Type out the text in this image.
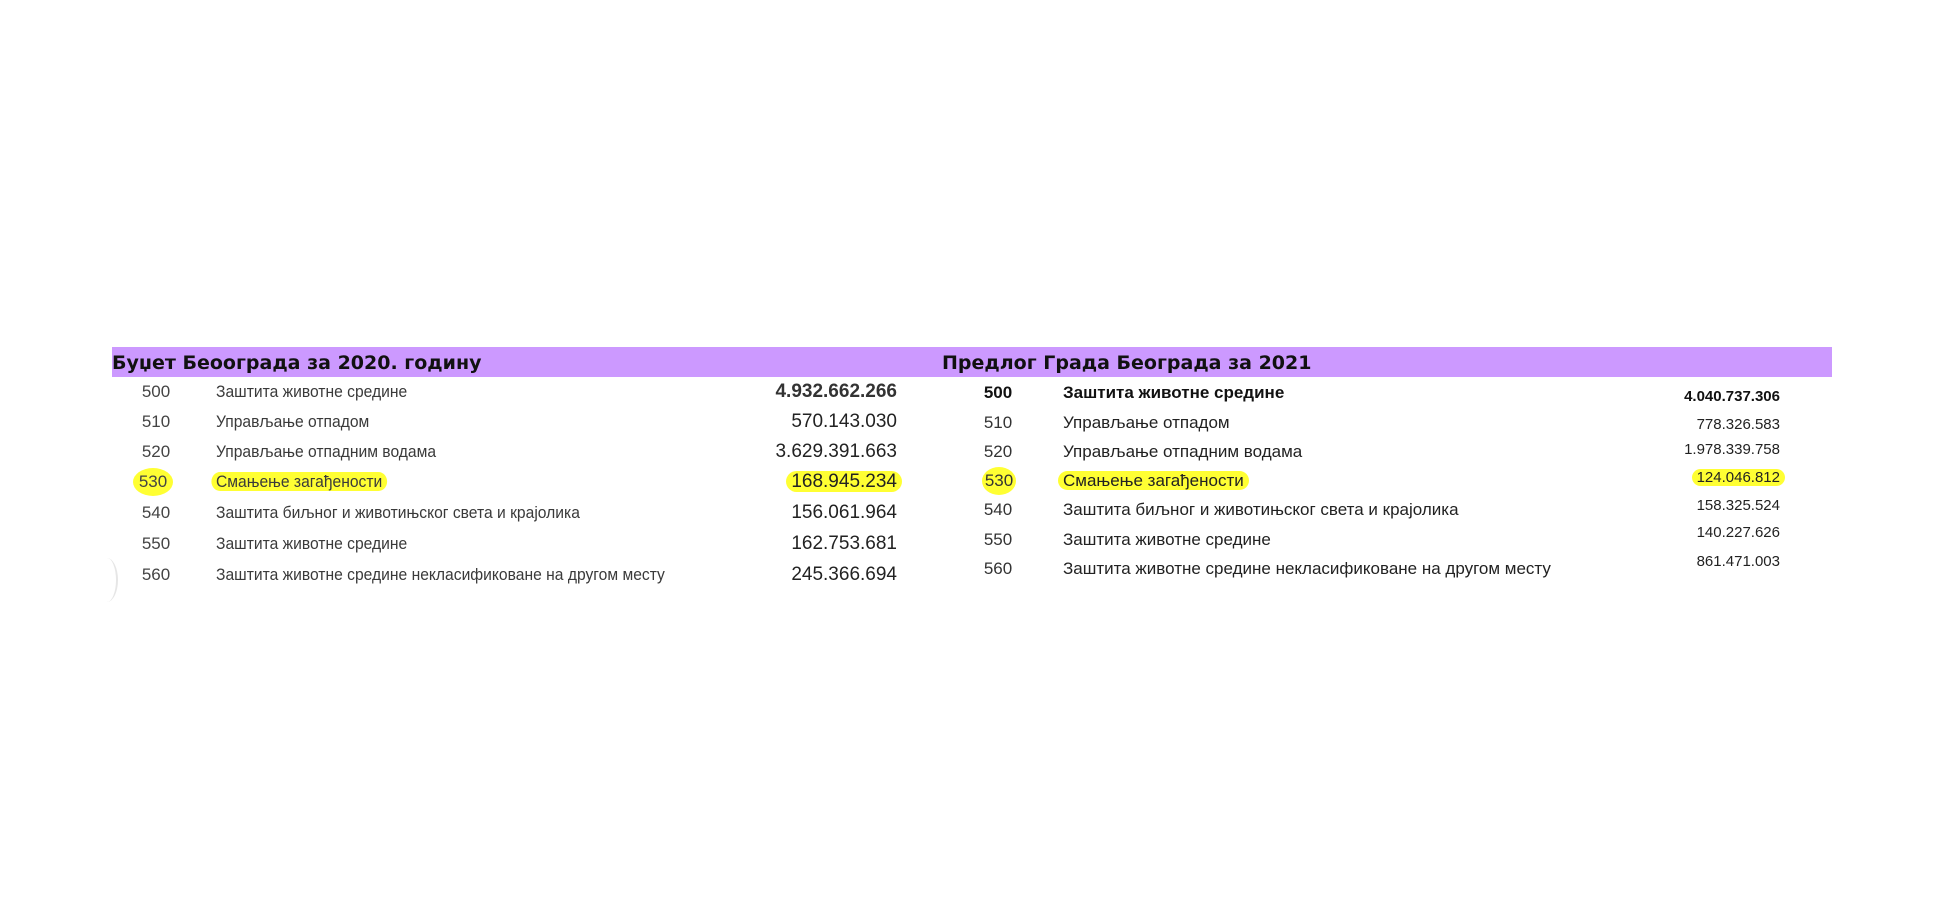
Буџет Беоограда за 2020. годину	Предлог Града Београда за 2021
500	Заштита животне средине	4.932.662.266
510	Управљање отпадом	570.143.030
520	Управљање отпадним водама	3.629.391.663
530	Смањење загађености	168.945.234
540	Заштита биљног и животињског света и крајолика	156.061.964
550	Заштита животне средине	162.753.681
560	Заштита животне средине некласификоване на другом месту	245.366.694
500	Заштита животне средине	4.040.737.306
510	Управљање отпадом	778.326.583
520	Управљање отпадним водама	1.978.339.758
530	Смањење загађености	124.046.812
540	Заштита биљног и животињског света и крајолика	158.325.524
550	Заштита животне средине	140.227.626
560	Заштита животне средине некласификоване на другом месту	861.471.003
